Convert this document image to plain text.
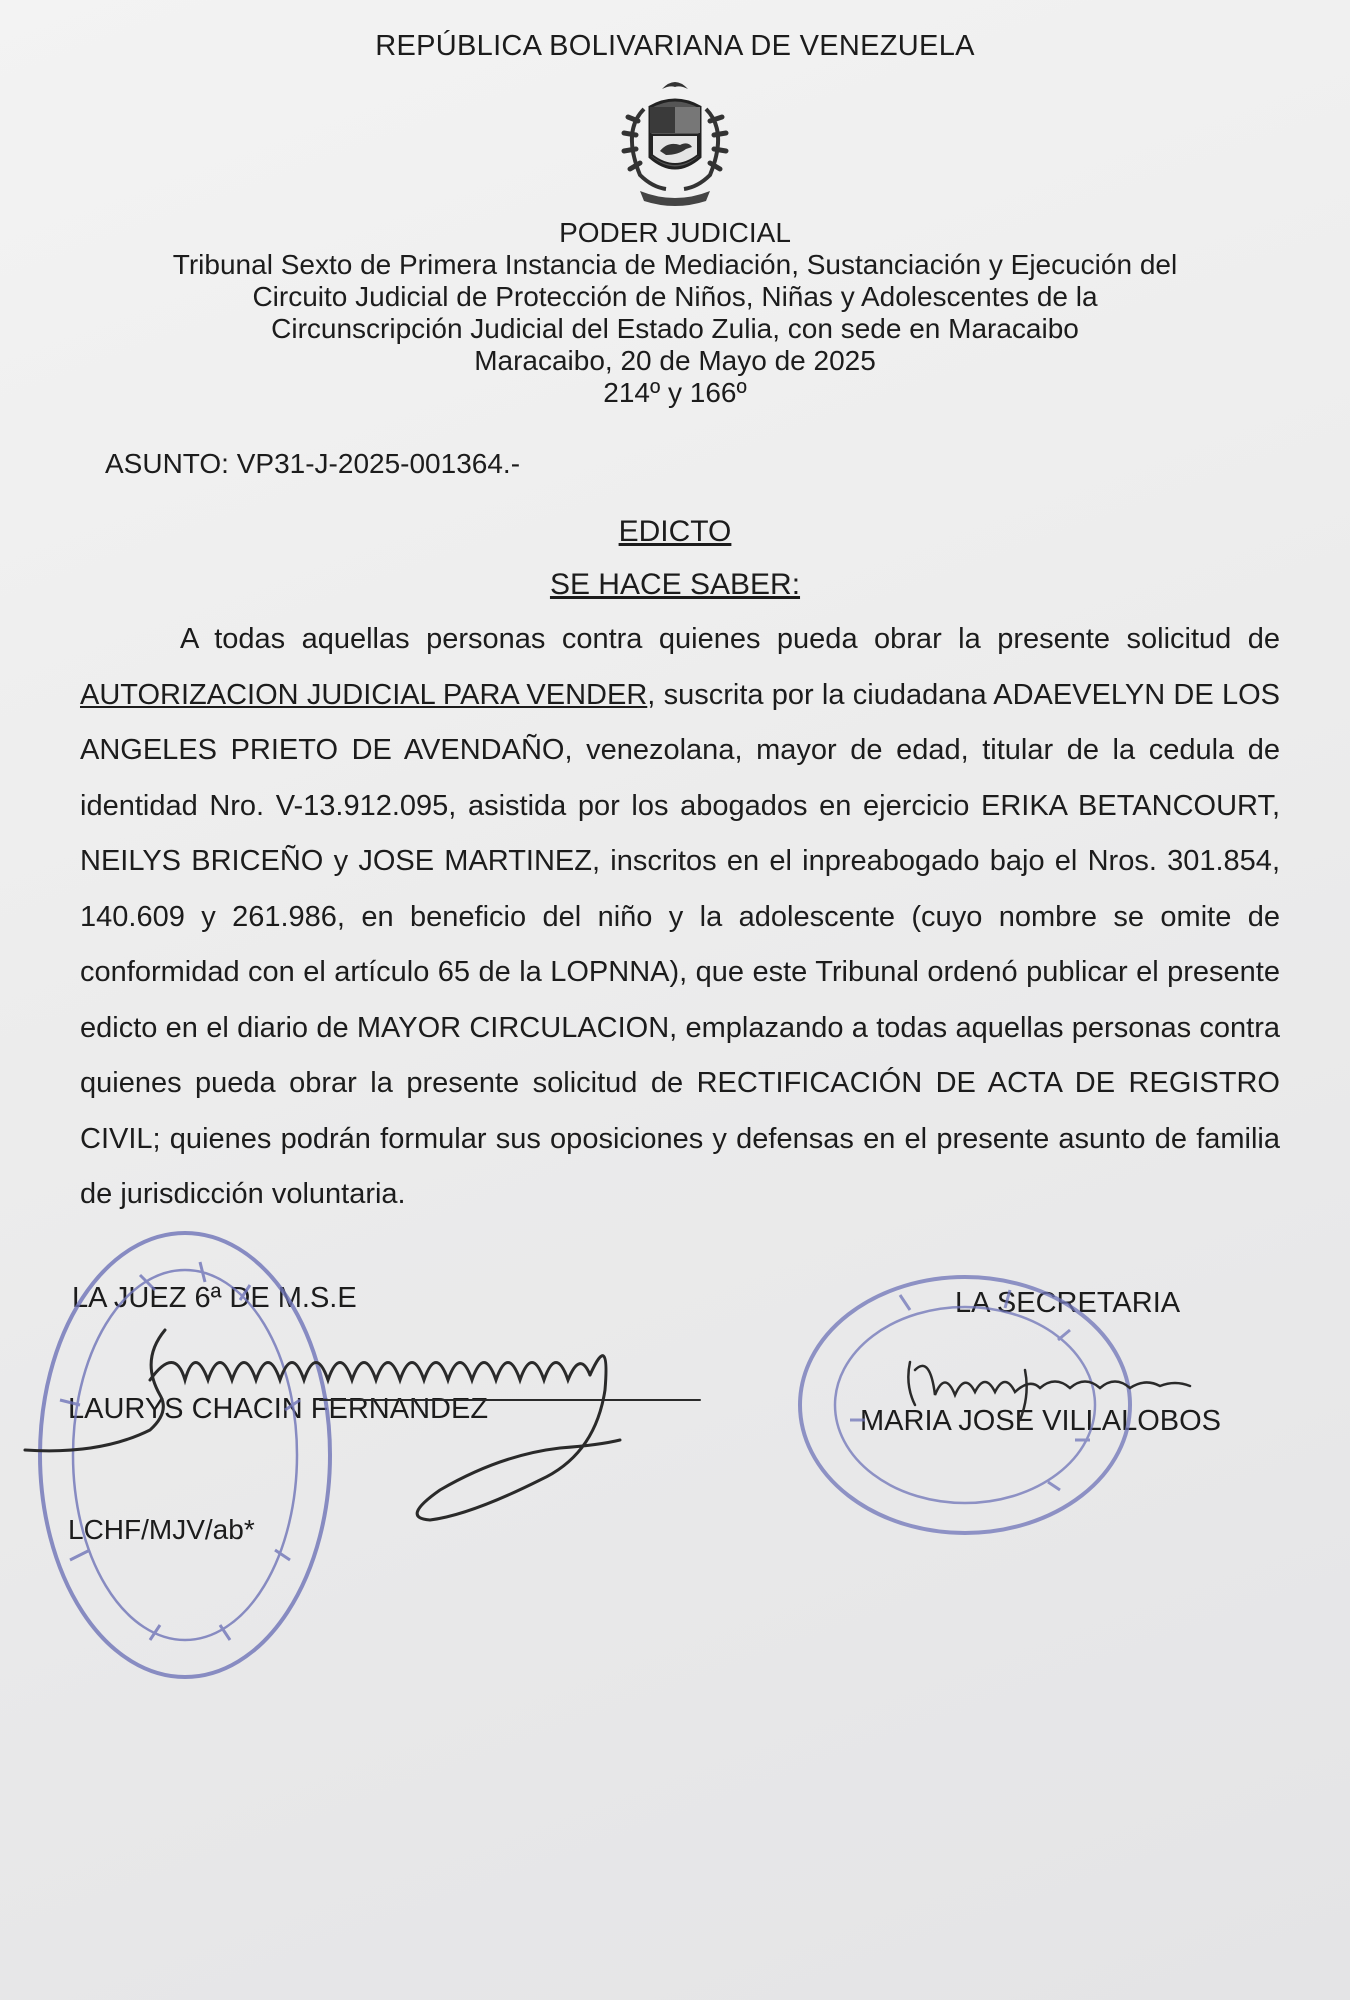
REPÚBLICA BOLIVARIANA DE VENEZUELA
PODER JUDICIAL
Tribunal Sexto de Primera Instancia de Mediación, Sustanciación y Ejecución del
Circuito Judicial de Protección de Niños, Niñas y Adolescentes de la
Circunscripción Judicial del Estado Zulia, con sede en Maracaibo
Maracaibo, 20 de Mayo de 2025
214º y 166º
ASUNTO: VP31-J-2025-001364.-
EDICTO
SE HACE SABER:

A todas aquellas personas contra quienes pueda obrar la presente solicitud de AUTORIZACION JUDICIAL PARA VENDER, suscrita por la ciudadana ADAEVELYN DE LOS ANGELES PRIETO DE AVENDAÑO, venezolana, mayor de edad, titular de la cedula de identidad Nro. V-13.912.095, asistida por los abogados en ejercicio ERIKA BETANCOURT, NEILYS BRICEÑO y JOSE MARTINEZ, inscritos en el inpreabogado bajo el Nros. 301.854, 140.609 y 261.986, en beneficio del niño y la adolescente (cuyo nombre se omite de conformidad con el artículo 65 de la LOPNNA), que este Tribunal ordenó publicar el presente edicto en el diario de MAYOR CIRCULACION, emplazando a todas aquellas personas contra quienes pueda obrar la presente solicitud de RECTIFICACIÓN DE ACTA DE REGISTRO CIVIL; quienes podrán formular sus oposiciones y defensas en el presente asunto de familia de jurisdicción voluntaria.

LA JUEZ 6ª DE M.S.E
LAURYS CHACIN FERNANDEZ
LCHF/MJV/ab*
LA SECRETARIA
MARIA JOSE VILLALOBOS
